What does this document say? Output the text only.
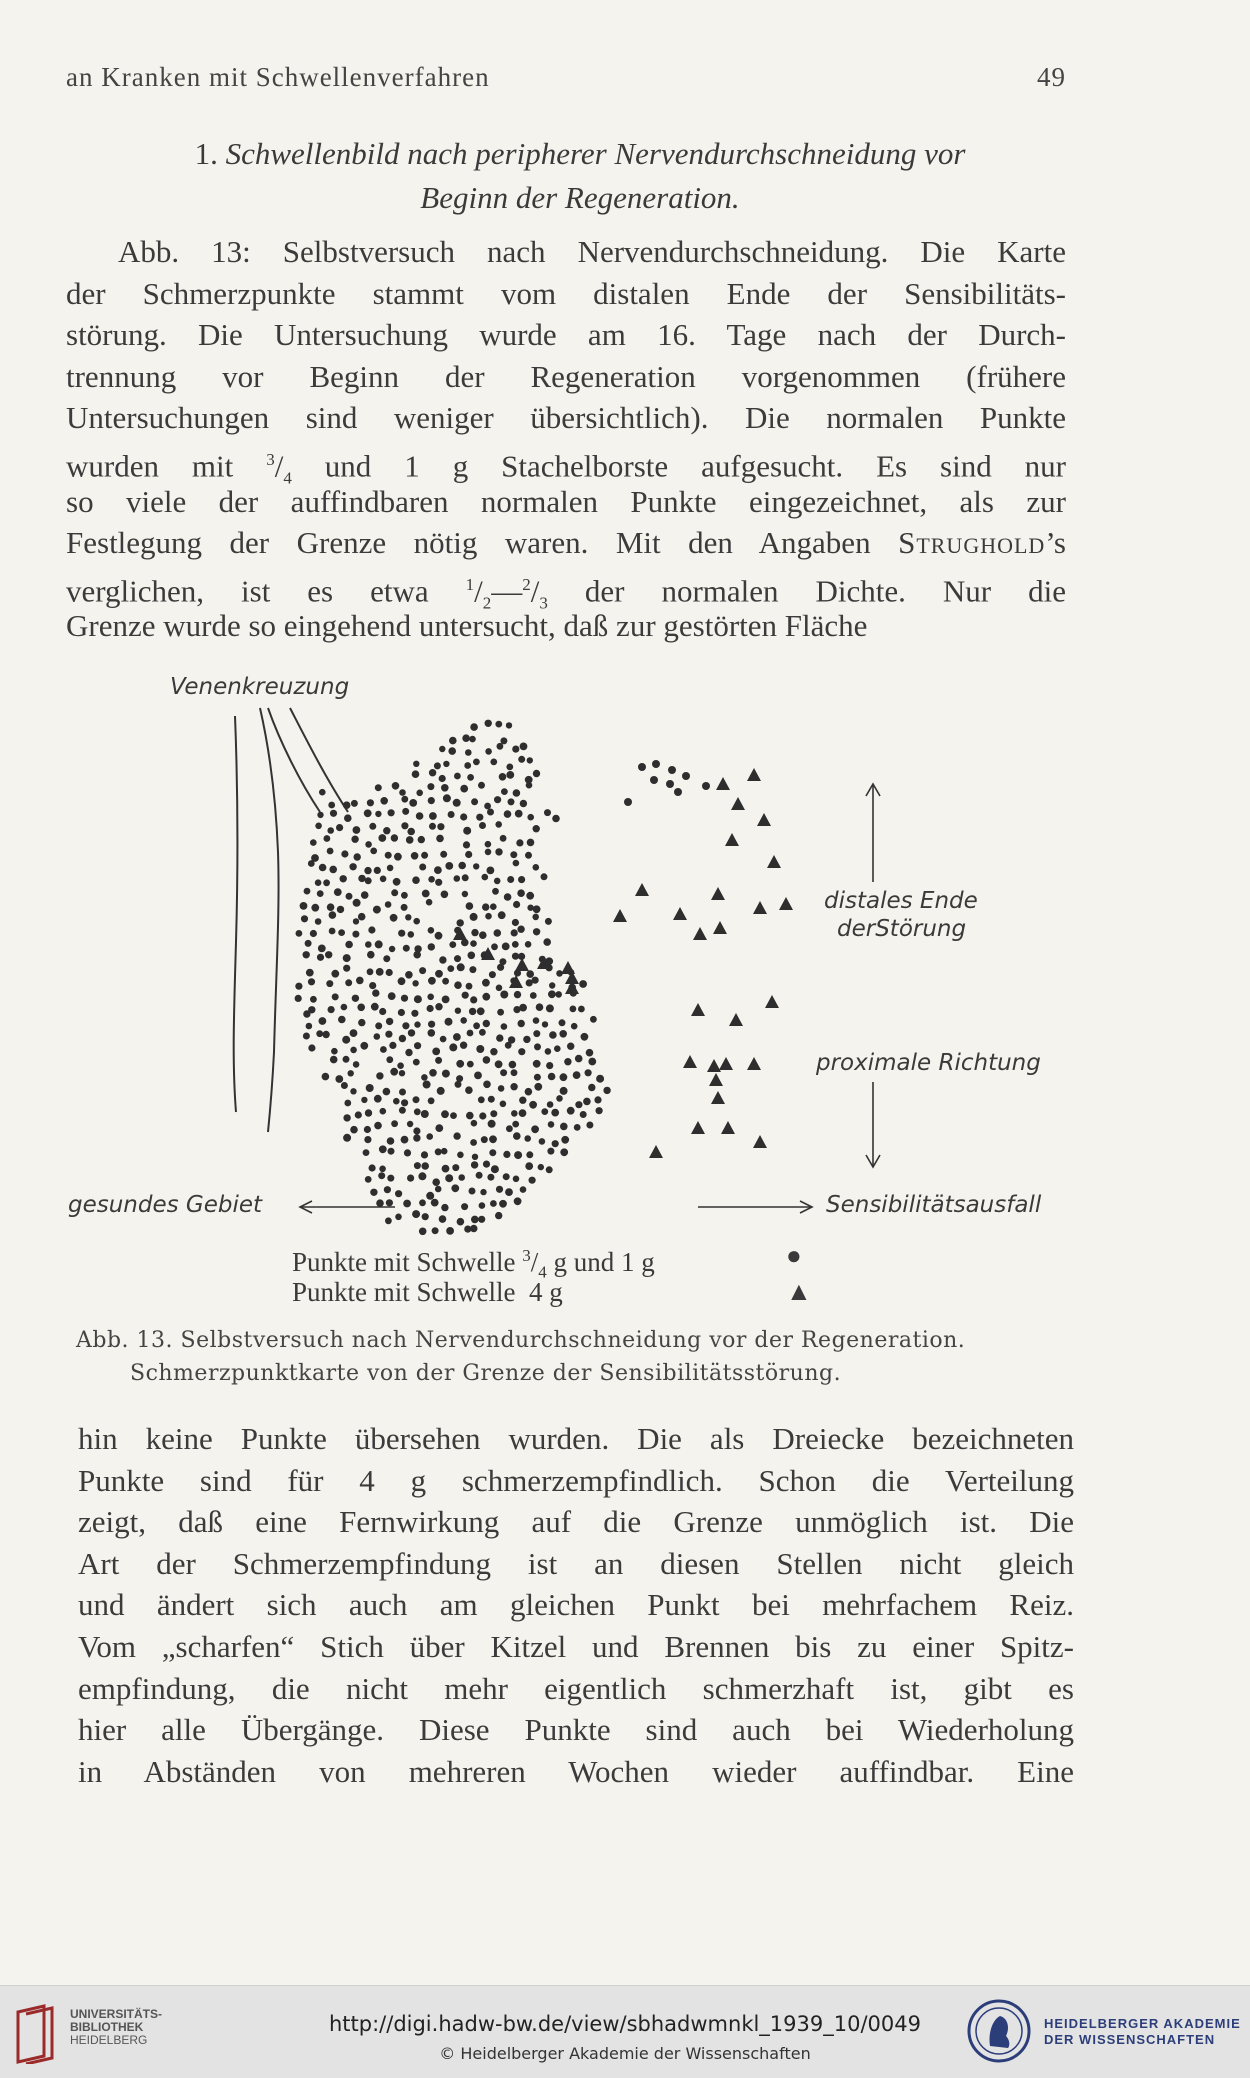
an Kranken mit Schwellenverfahren	49
1. Schwellenbild nach peripherer Nervendurchschneidung vor
Beginn der Regeneration.
Abb. 13: Selbstversuch nach Nervendurchschneidung. Die Karte
der Schmerzpunkte stammt vom distalen Ende der Sensibilitäts-
störung. Die Untersuchung wurde am 16. Tage nach der Durch-
trennung vor Beginn der Regeneration vorgenommen (frühere
Untersuchungen sind weniger übersichtlich). Die normalen Punkte
wurden mit $^3/_4$ und 1 g Stachelborste aufgesucht. Es sind nur
so viele der auffindbaren normalen Punkte eingezeichnet, als zur
Festlegung der Grenze nötig waren. Mit den Angaben Strughold’s
verglichen, ist es etwa $^1/_2—^2/_3$ der normalen Dichte. Nur die
Grenze wurde so eingehend untersucht, daß zur gestörten Fläche
Venenkreuzung
distales Ende
derStörung
proximale Richtung
gesundes Gebiet	Sensibilitätsausfall
Punkte mit Schwelle $^3/_4$ g und 1 g	●
Punkte mit Schwelle  4 g	▲
Abb. 13. Selbstversuch nach Nervendurchschneidung vor der Regeneration.
Schmerzpunktkarte von der Grenze der Sensibilitätsstörung.
hin keine Punkte übersehen wurden. Die als Dreiecke bezeichneten
Punkte sind für 4 g schmerzempfindlich. Schon die Verteilung
zeigt, daß eine Fernwirkung auf die Grenze unmöglich ist. Die
Art der Schmerzempfindung ist an diesen Stellen nicht gleich
und ändert sich auch am gleichen Punkt bei mehrfachem Reiz.
Vom „scharfen“ Stich über Kitzel und Brennen bis zu einer Spitz-
empfindung, die nicht mehr eigentlich schmerzhaft ist, gibt es
hier alle Übergänge. Diese Punkte sind auch bei Wiederholung
in Abständen von mehreren Wochen wieder auffindbar. Eine
UNIVERSITÄTS-
BIBLIOTHEK
HEIDELBERG
http://digi.hadw-bw.de/view/sbhadwmnkl_1939_10/0049
© Heidelberger Akademie der Wissenschaften
HEIDELBERGER AKADEMIE
DER WISSENSCHAFTEN
